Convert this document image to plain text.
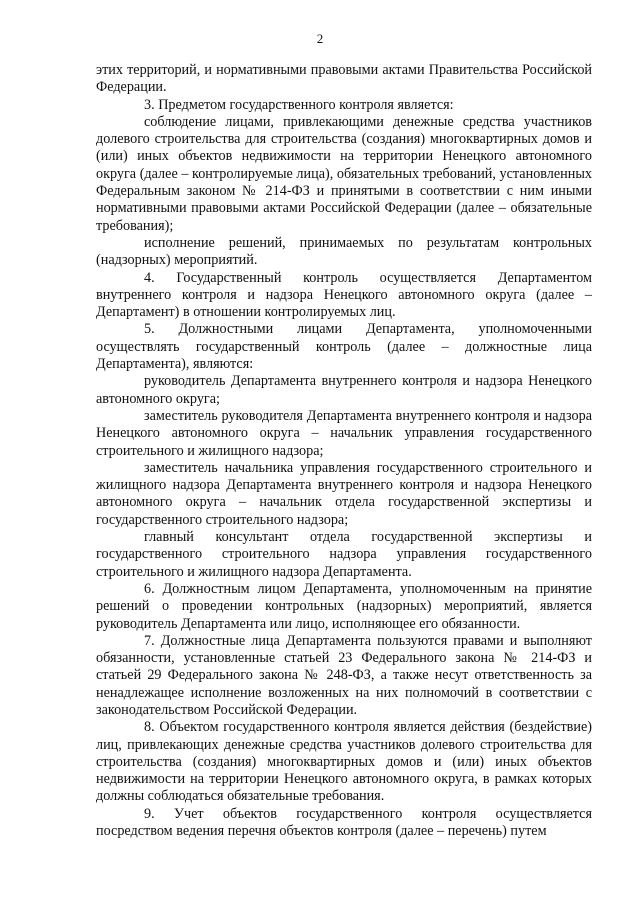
2

этих территорий, и нормативными правовыми актами Правительства Российской Федерации.

3. Предметом государственного контроля является:

соблюдение лицами, привлекающими денежные средства участников долевого строительства для строительства (создания) многоквартирных домов и (или) иных объектов недвижимости на территории Ненецкого автономного округа (далее – контролируемые лица), обязательных требований, установленных Федеральным законом № 214-ФЗ и принятыми в соответствии с ним иными нормативными правовыми актами Российской Федерации (далее – обязательные требования);

исполнение решений, принимаемых по результатам контрольных (надзорных) мероприятий.

4. Государственный контроль осуществляется Департаментом внутреннего контроля и надзора Ненецкого автономного округа (далее – Департамент) в отношении контролируемых лиц.

5. Должностными лицами Департамента, уполномоченными осуществлять государственный контроль (далее – должностные лица Департамента), являются:

руководитель Департамента внутреннего контроля и надзора Ненецкого автономного округа;

заместитель руководителя Департамента внутреннего контроля и надзора Ненецкого автономного округа – начальник управления государственного строительного и жилищного надзора;

заместитель начальника управления государственного строительного и жилищного надзора Департамента внутреннего контроля и надзора Ненецкого автономного округа – начальник отдела государственной экспертизы и государственного строительного надзора;

главный консультант отдела государственной экспертизы и государственного строительного надзора управления государственного строительного и жилищного надзора Департамента.

6. Должностным лицом Департамента, уполномоченным на принятие решений о проведении контрольных (надзорных) мероприятий, является руководитель Департамента или лицо, исполняющее его обязанности.

7. Должностные лица Департамента пользуются правами и выполняют обязанности, установленные статьей 23 Федерального закона № 214-ФЗ и статьей 29 Федерального закона № 248-ФЗ, а также несут ответственность за ненадлежащее исполнение возложенных на них полномочий в соответствии с законодательством Российской Федерации.

8. Объектом государственного контроля является действия (бездействие) лиц, привлекающих денежные средства участников долевого строительства для строительства (создания) многоквартирных домов и (или) иных объектов недвижимости на территории Ненецкого автономного округа, в рамках которых должны соблюдаться обязательные требования.

9. Учет объектов государственного контроля осуществляется посредством ведения перечня объектов контроля (далее – перечень) путем
